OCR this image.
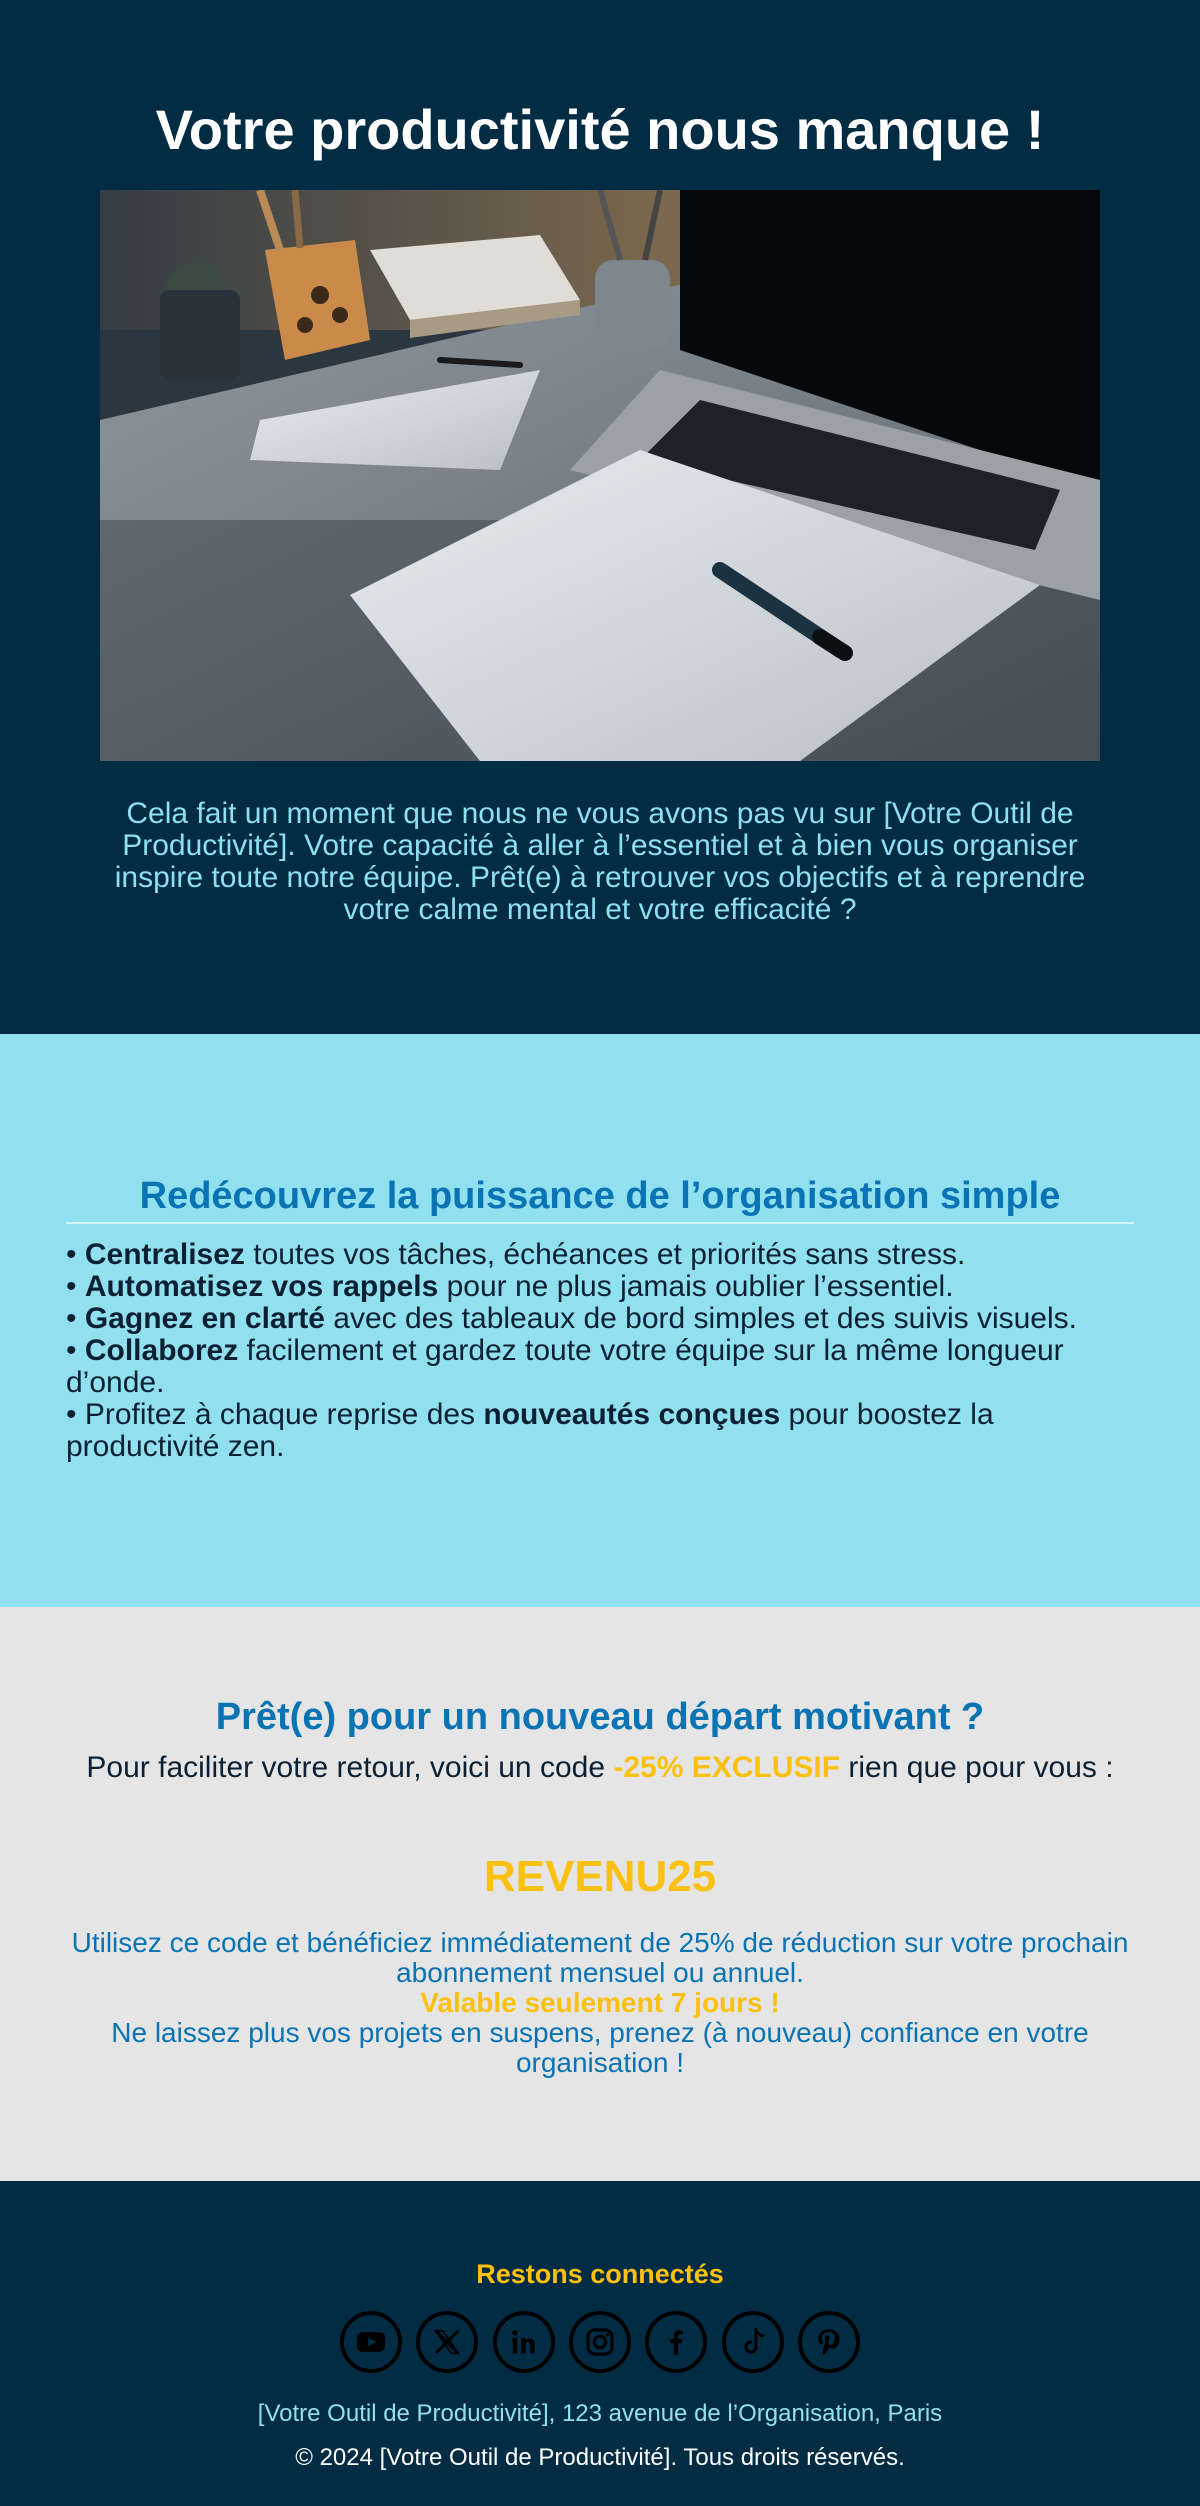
Votre productivité nous manque !

Cela fait un moment que nous ne vous avons pas vu sur [Votre Outil de Productivité]. Votre capacité à aller à l’essentiel et à bien vous organiser inspire toute notre équipe. Prêt(e) à retrouver vos objectifs et à reprendre votre calme mental et votre efficacité ?

Redécouvrez la puissance de l’organisation simple
• Centralisez toutes vos tâches, échéances et priorités sans stress.
• Automatisez vos rappels pour ne plus jamais oublier l’essentiel.
• Gagnez en clarté avec des tableaux de bord simples et des suivis visuels.
• Collaborez facilement et gardez toute votre équipe sur la même longueur d’onde.
• Profitez à chaque reprise des nouveautés conçues pour boostez la productivité zen.
Prêt(e) pour un nouveau départ motivant ?

Pour faciliter votre retour, voici un code -25% EXCLUSIF rien que pour vous :

REVENU25
Utilisez ce code et bénéficiez immédiatement de 25% de réduction sur votre prochain abonnement mensuel ou annuel.
Valable seulement 7 jours !
Ne laissez plus vos projets en suspens, prenez (à nouveau) confiance en votre organisation !
Restons connectés
[Votre Outil de Productivité], 123 avenue de l’Organisation, Paris
© 2024 [Votre Outil de Productivité]. Tous droits réservés.
